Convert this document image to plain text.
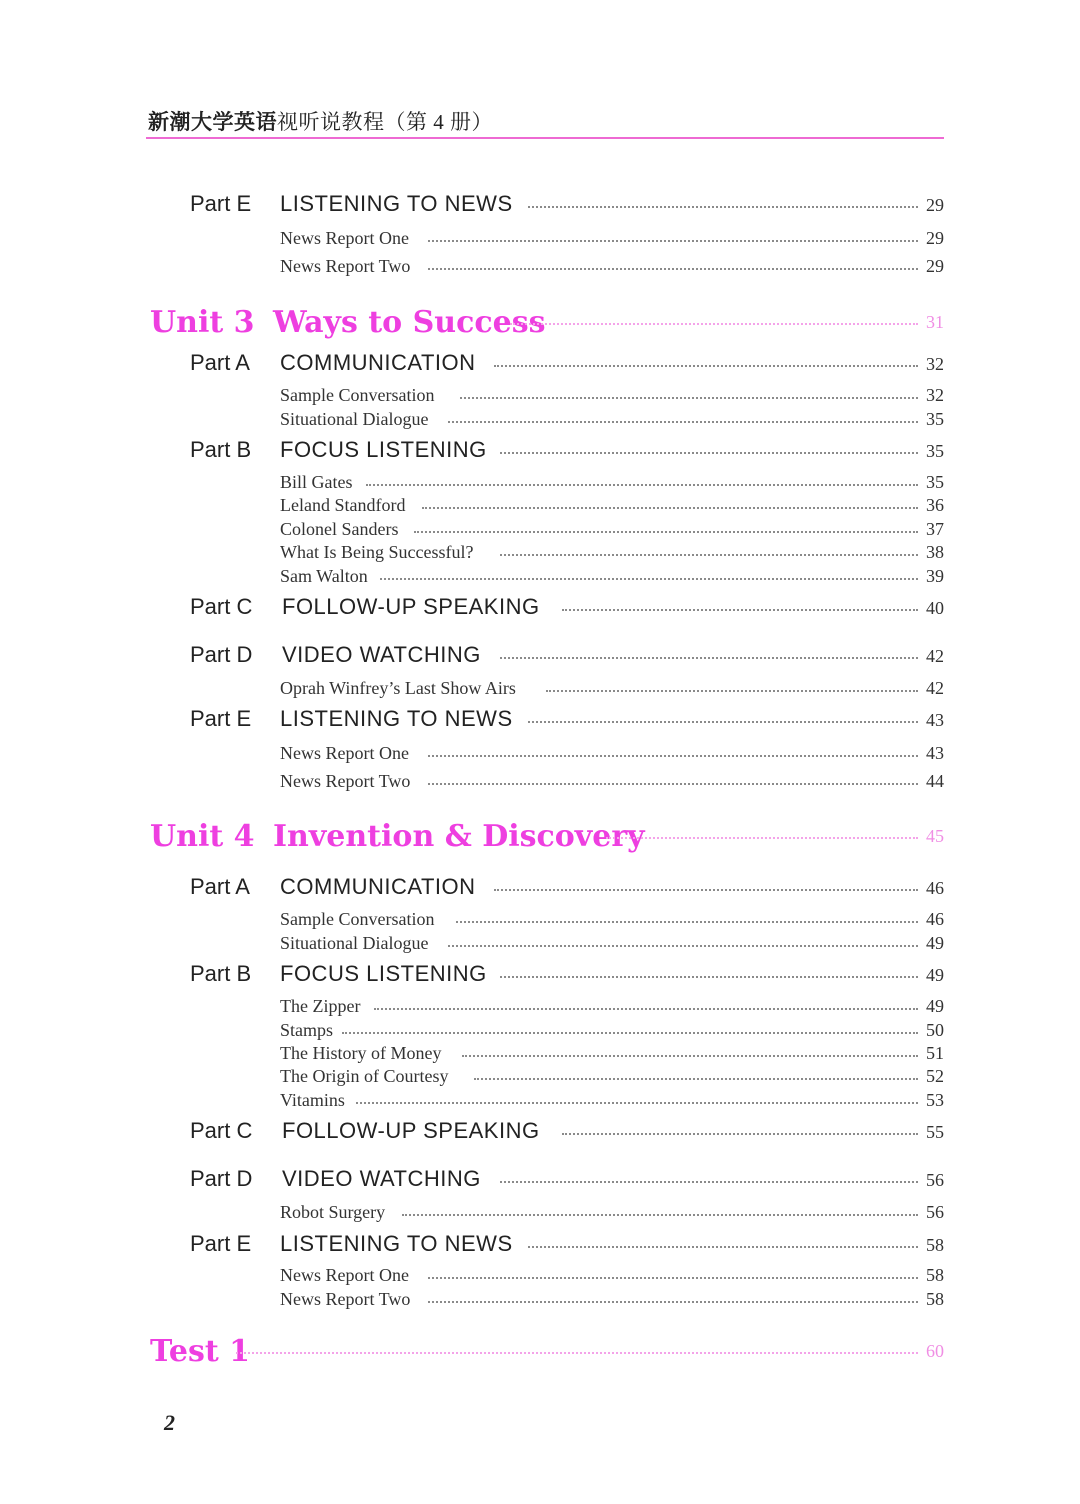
新潮大学英语视听说教程（第 4 册）
Part E LISTENING TO NEWS	29
News Report One	29
News Report Two	29
Unit 3 Ways to Success	31
Part A COMMUNICATION	32
Sample Conversation	32
Situational Dialogue	35
Part B FOCUS LISTENING	35
Bill Gates	35
Leland Standford	36
Colonel Sanders	37
What Is Being Successful?	38
Sam Walton	39
Part C FOLLOW-UP SPEAKING	40
Part D VIDEO WATCHING	42
Oprah Winfrey’s Last Show Airs	42
Part E LISTENING TO NEWS	43
News Report One	43
News Report Two	44
Unit 4 Invention & Discovery	45
Part A COMMUNICATION	46
Sample Conversation	46
Situational Dialogue	49
Part B FOCUS LISTENING	49
The Zipper	49
Stamps	50
The History of Money	51
The Origin of Courtesy	52
Vitamins	53
Part C FOLLOW-UP SPEAKING	55
Part D VIDEO WATCHING	56
Robot Surgery	56
Part E LISTENING TO NEWS	58
News Report One	58
News Report Two	58
Test 1	60
2
